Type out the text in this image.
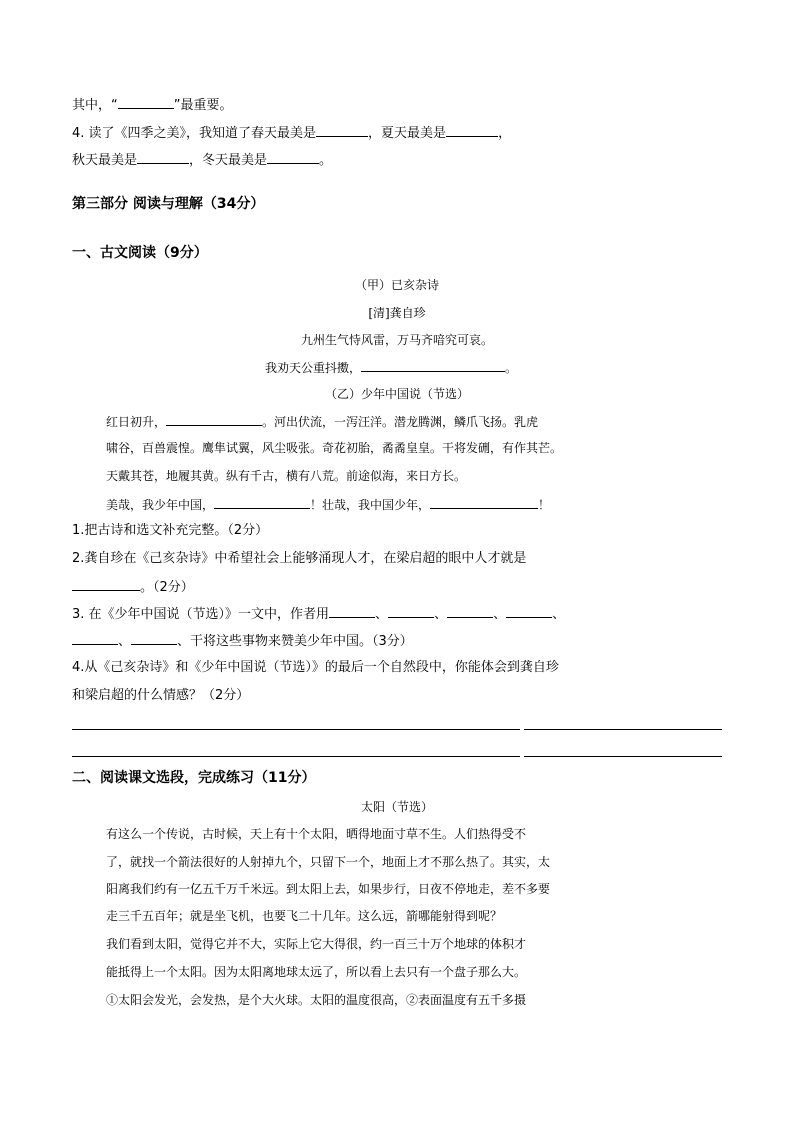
其中，“	”最重要。
4. 读了《四季之美》，我知道了春天最美是	，夏天最美是	，
秋天最美是	，冬天最美是	。
第三部分 阅读与理解（34分）
一、古文阅读（9分）
（甲）已亥杂诗
[清]龚自珍
九州生气恃风雷，万马齐喑究可哀。
我劝天公重抖擞，	。
（乙）少年中国说（节选）
红日初升，	。河出伏流，一泻汪洋。潜龙腾渊，鳞爪飞扬。乳虎
啸谷，百兽震惶。鹰隼试翼，风尘吸张。奇花初胎，矞矞皇皇。干将发硎，有作其芒。
天戴其苍，地履其黄。纵有千古，横有八荒。前途似海，来日方长。
美哉，我少年中国，	！壮哉，我中国少年，	！
1.把古诗和选文补充完整。（2分）
2.龚自珍在《己亥杂诗》中希望社会上能够涌现人才，在梁启超的眼中人才就是
。（2分）
3. 在《少年中国说（节选）》一文中，作者用	、	、	、	、
、	、干将这些事物来赞美少年中国。（3分）
4.从《己亥杂诗》和《少年中国说（节选）》的最后一个自然段中，你能体会到龚自珍
和梁启超的什么情感？（2分）
二、阅读课文选段，完成练习（11分）
太阳（节选）
有这么一个传说，古时候，天上有十个太阳，晒得地面寸草不生。人们热得受不
了，就找一个箭法很好的人射掉九个，只留下一个，地面上才不那么热了。其实，太
阳离我们约有一亿五千万千米远。到太阳上去，如果步行，日夜不停地走，差不多要
走三千五百年；就是坐飞机，也要飞二十几年。这么远，箭哪能射得到呢？
我们看到太阳，觉得它并不大，实际上它大得很，约一百三十万个地球的体积才
能抵得上一个太阳。因为太阳离地球太远了，所以看上去只有一个盘子那么大。
①太阳会发光，会发热，是个大火球。太阳的温度很高，②表面温度有五千多摄
